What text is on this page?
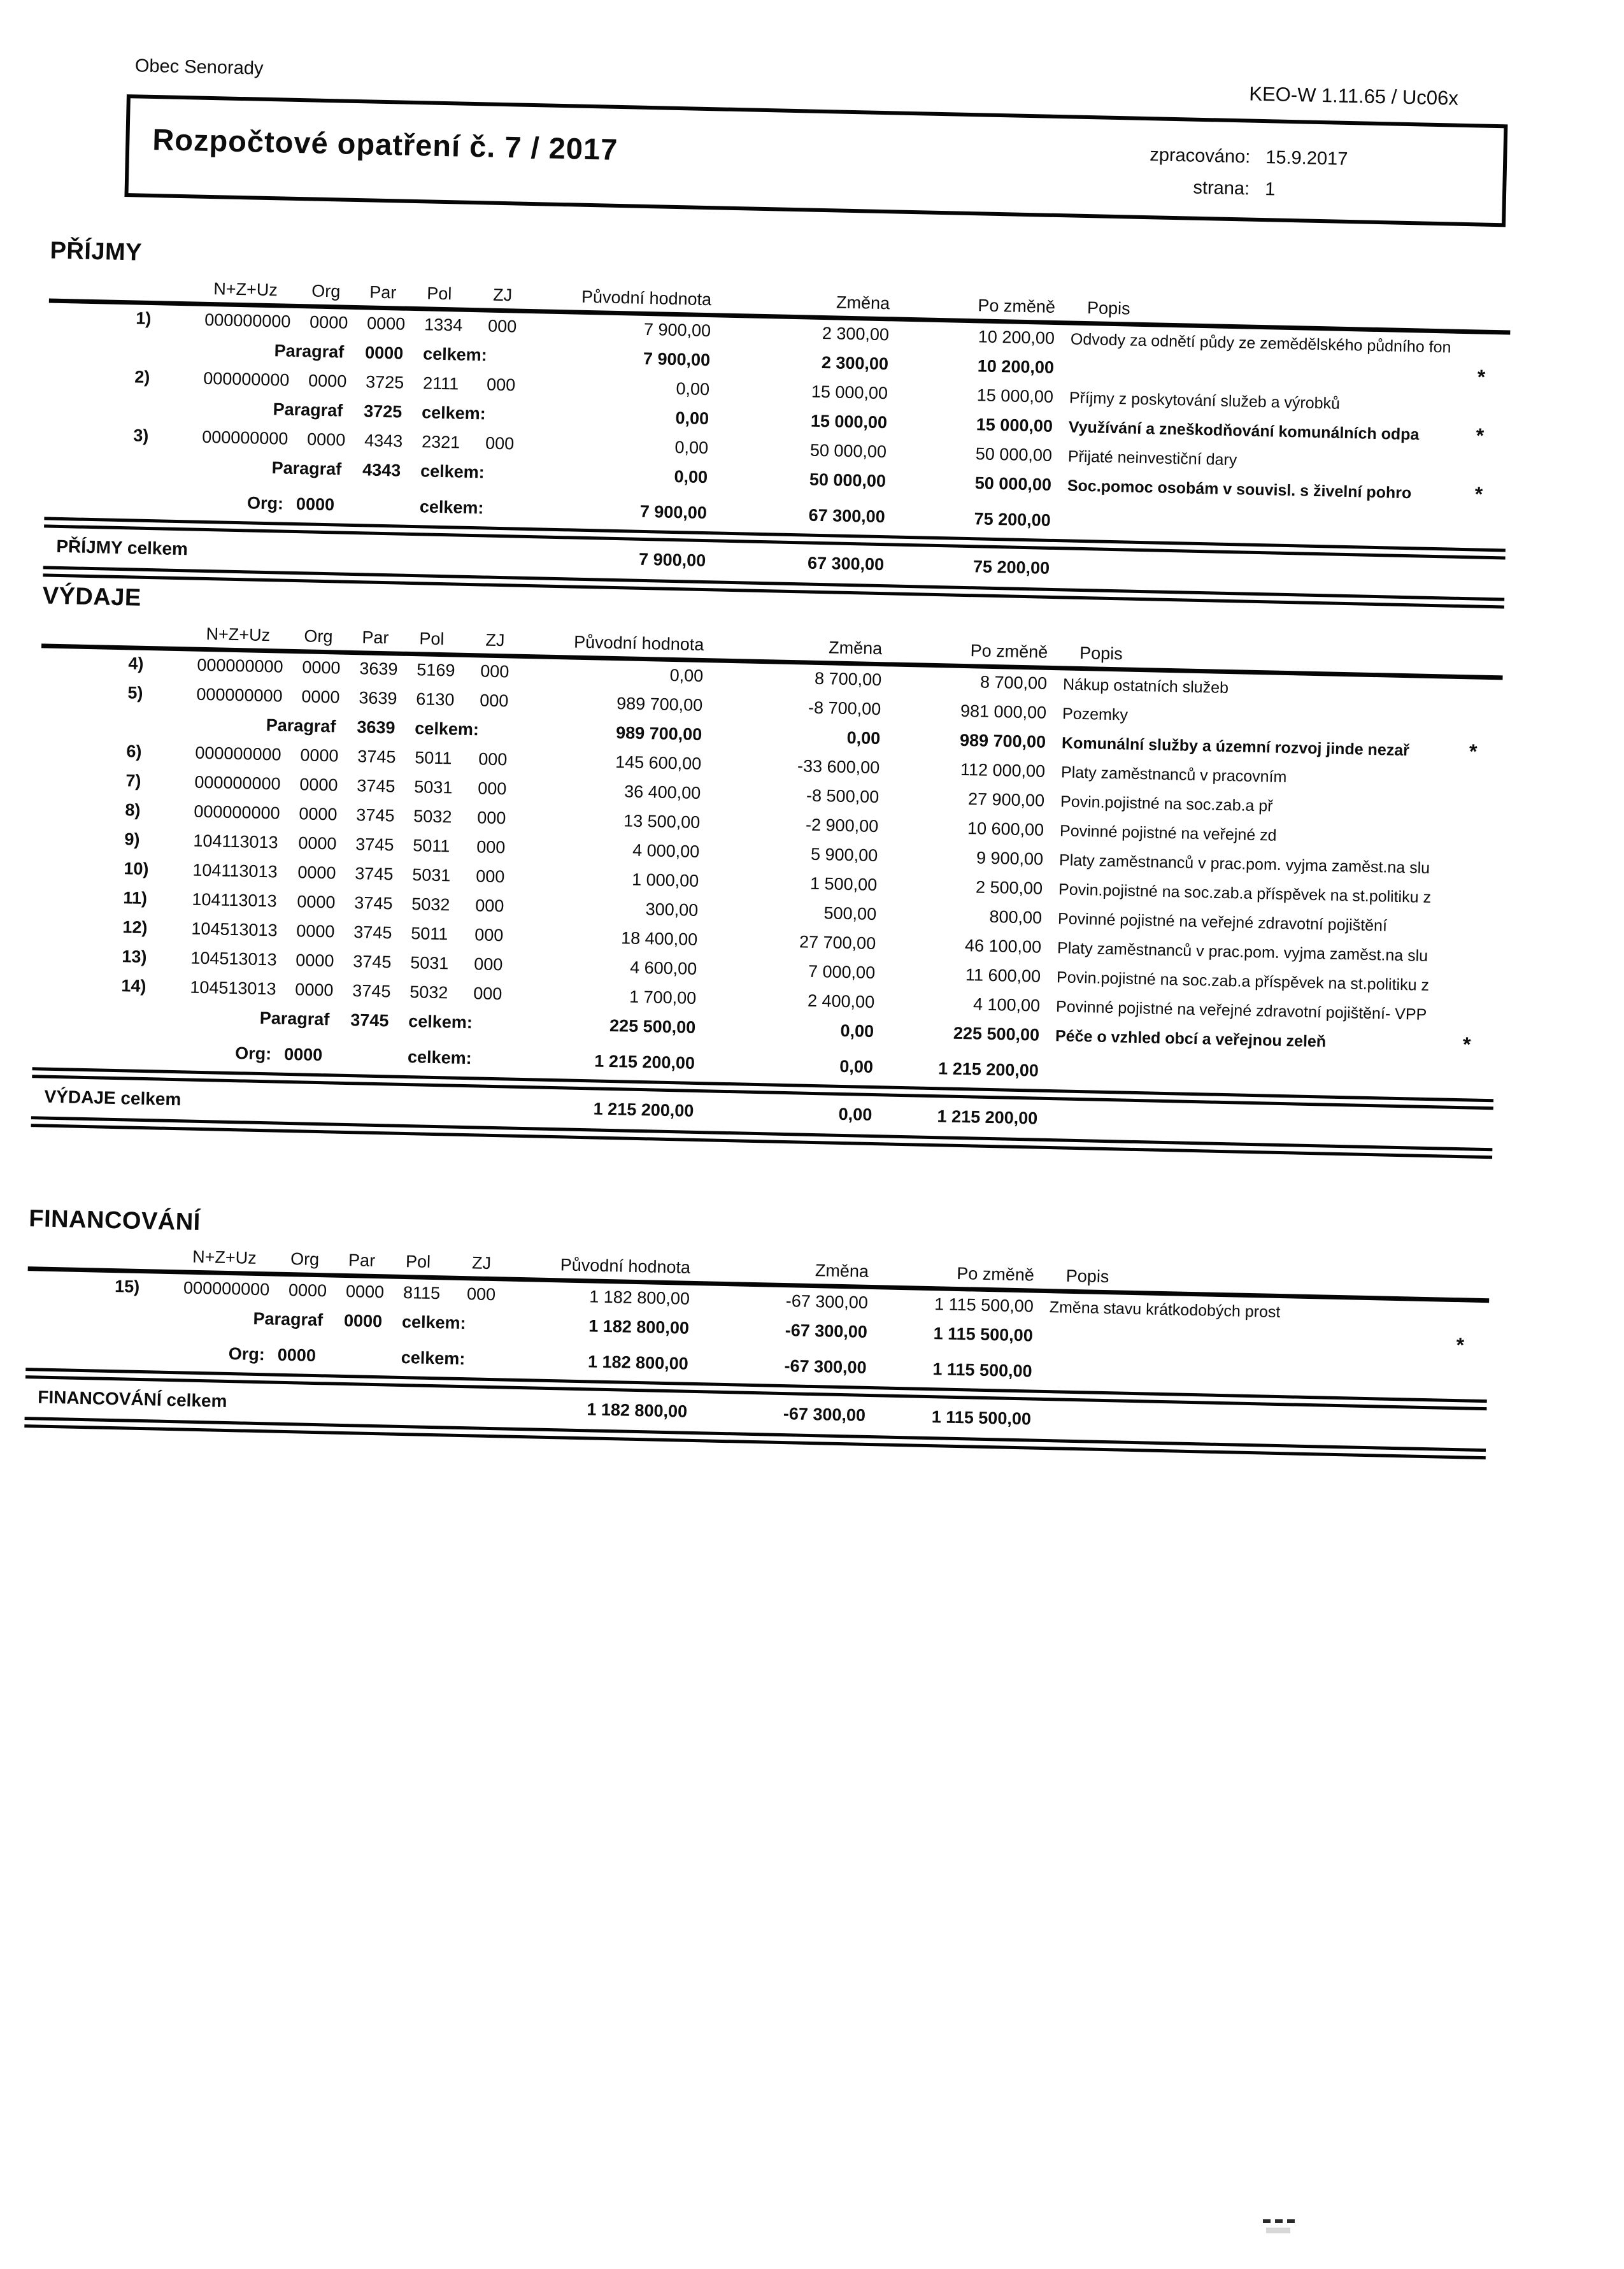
Obec Senorady
KEO-W 1.11.65 / Uc06x
Rozpočtové opatření č. 7 / 2017	zpracováno: 15.9.2017
strana: 1
PŘÍJMY
N+Z+Uz Org Par Pol ZJ	Původní hodnota	Změna	Po změně Popis
1)	000000000 0000 0000 1334 000	7 900,00	2 300,00	10 200,00 Odvody za odnětí půdy ze zemědělského půdního fon
Paragraf 0000 celkem:	7 900,00	2 300,00	10 200,00	*
2)	000000000 0000 3725 2111 000	0,00	15 000,00	15 000,00 Příjmy z poskytování služeb a výrobků
Paragraf 3725 celkem:	0,00	15 000,00	15 000,00 Využívání a zneškodňování komunálních odpa	*
3)	000000000 0000 4343 2321 000	0,00	50 000,00	50 000,00 Přijaté neinvestiční dary
Paragraf 4343 celkem:	0,00	50 000,00	50 000,00 Soc.pomoc osobám v souvisl. s živelní pohro	*
Org: 0000	celkem:	7 900,00	67 300,00	75 200,00
PŘÍJMY celkem
7 900,00	67 300,00	75 200,00
VÝDAJE
N+Z+Uz Org Par Pol ZJ	Původní hodnota	Změna	Po změně Popis
4)	000000000 0000 3639 5169 000	0,00	8 700,00	8 700,00 Nákup ostatních služeb
5)	000000000 0000 3639 6130 000	989 700,00	-8 700,00	981 000,00 Pozemky
Paragraf 3639 celkem:	989 700,00	0,00	989 700,00 Komunální služby a územní rozvoj jinde nezař	*
6)	000000000 0000 3745 5011 000	145 600,00	-33 600,00	112 000,00 Platy zaměstnanců v pracovním
7)	000000000 0000 3745 5031 000	36 400,00	-8 500,00	27 900,00 Povin.pojistné na soc.zab.a př
8)	000000000 0000 3745 5032 000	13 500,00	-2 900,00	10 600,00 Povinné pojistné na veřejné zd
9)	104113013 0000 3745 5011 000	4 000,00	5 900,00	9 900,00 Platy zaměstnanců v prac.pom. vyjma zaměst.na slu
10)	104113013 0000 3745 5031 000	1 000,00	1 500,00	2 500,00 Povin.pojistné na soc.zab.a příspěvek na st.politiku z
11)	104113013 0000 3745 5032 000	300,00	500,00	800,00 Povinné pojistné na veřejné zdravotní pojištění
12)	104513013 0000 3745 5011 000	18 400,00	27 700,00	46 100,00 Platy zaměstnanců v prac.pom. vyjma zaměst.na slu
13)	104513013 0000 3745 5031 000	4 600,00	7 000,00	11 600,00 Povin.pojistné na soc.zab.a příspěvek na st.politiku z
14)	104513013 0000 3745 5032 000	1 700,00	2 400,00	4 100,00 Povinné pojistné na veřejné zdravotní pojištění- VPP
Paragraf 3745 celkem:	225 500,00	0,00	225 500,00 Péče o vzhled obcí a veřejnou zeleň	*
Org: 0000	celkem:	1 215 200,00	0,00	1 215 200,00
VÝDAJE celkem
1 215 200,00	0,00	1 215 200,00
FINANCOVÁNÍ
N+Z+Uz Org Par Pol ZJ	Původní hodnota	Změna	Po změně Popis
15)	000000000 0000 0000 8115 000	1 182 800,00	-67 300,00	1 115 500,00 Změna stavu krátkodobých prost
Paragraf 0000 celkem:	1 182 800,00	-67 300,00	1 115 500,00	*
Org: 0000	celkem:	1 182 800,00	-67 300,00	1 115 500,00
FINANCOVÁNÍ celkem	1 182 800,00	-67 300,00	1 115 500,00
